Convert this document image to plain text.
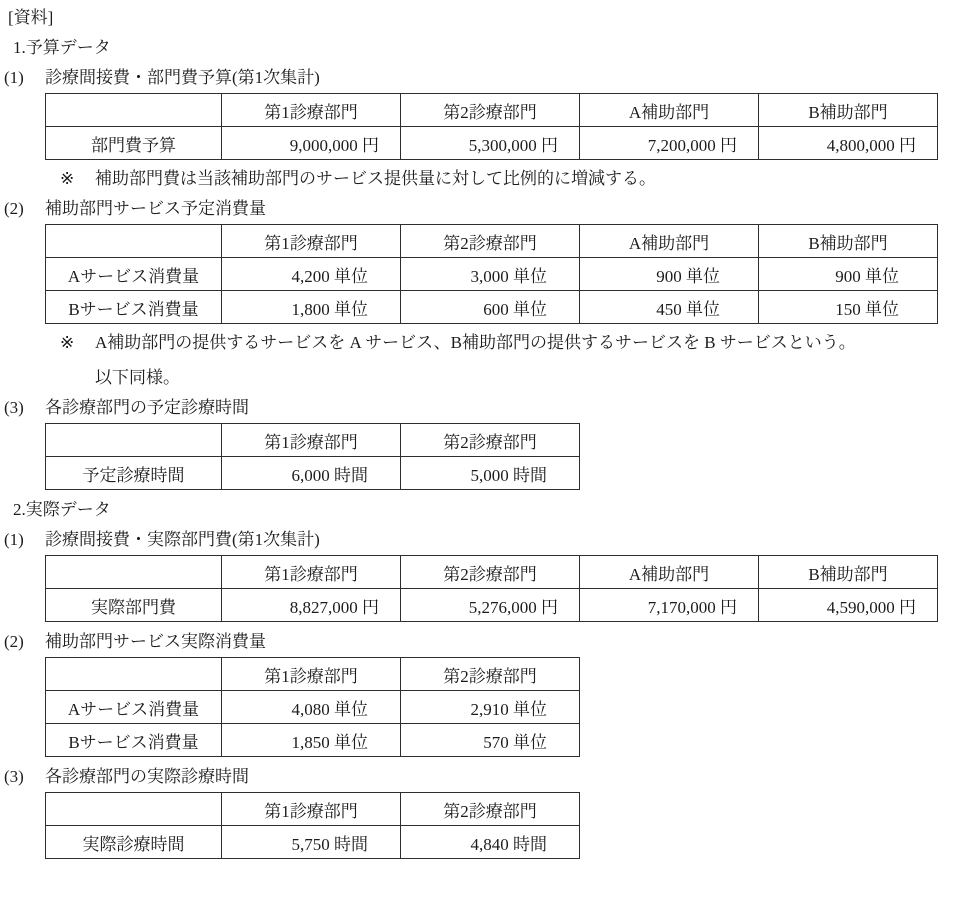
[資料]
1.予算データ
(1) 診療間接費・部門費予算(第1次集計)
	第1診療部門	第2診療部門	A補助部門	B補助部門
部門費予算	9,000,000 円	5,300,000 円	7,200,000 円	4,800,000 円
※	補助部門費は当該補助部門のサービス提供量に対して比例的に増減する。
(2) 補助部門サービス予定消費量
	第1診療部門	第2診療部門	A補助部門	B補助部門
Aサービス消費量	4,200 単位	3,000 単位	900 単位	900 単位
Bサービス消費量	1,800 単位	600 単位	450 単位	150 単位
※	A補助部門の提供するサービスを A サービス、B補助部門の提供するサービスを B サービスという。
以下同様。
(3) 各診療部門の予定診療時間
	第1診療部門	第2診療部門
予定診療時間	6,000 時間	5,000 時間
2.実際データ
(1) 診療間接費・実際部門費(第1次集計)
	第1診療部門	第2診療部門	A補助部門	B補助部門
実際部門費	8,827,000 円	5,276,000 円	7,170,000 円	4,590,000 円
(2) 補助部門サービス実際消費量
	第1診療部門	第2診療部門
Aサービス消費量	4,080 単位	2,910 単位
Bサービス消費量	1,850 単位	570 単位
(3) 各診療部門の実際診療時間
	第1診療部門	第2診療部門
実際診療時間	5,750 時間	4,840 時間
